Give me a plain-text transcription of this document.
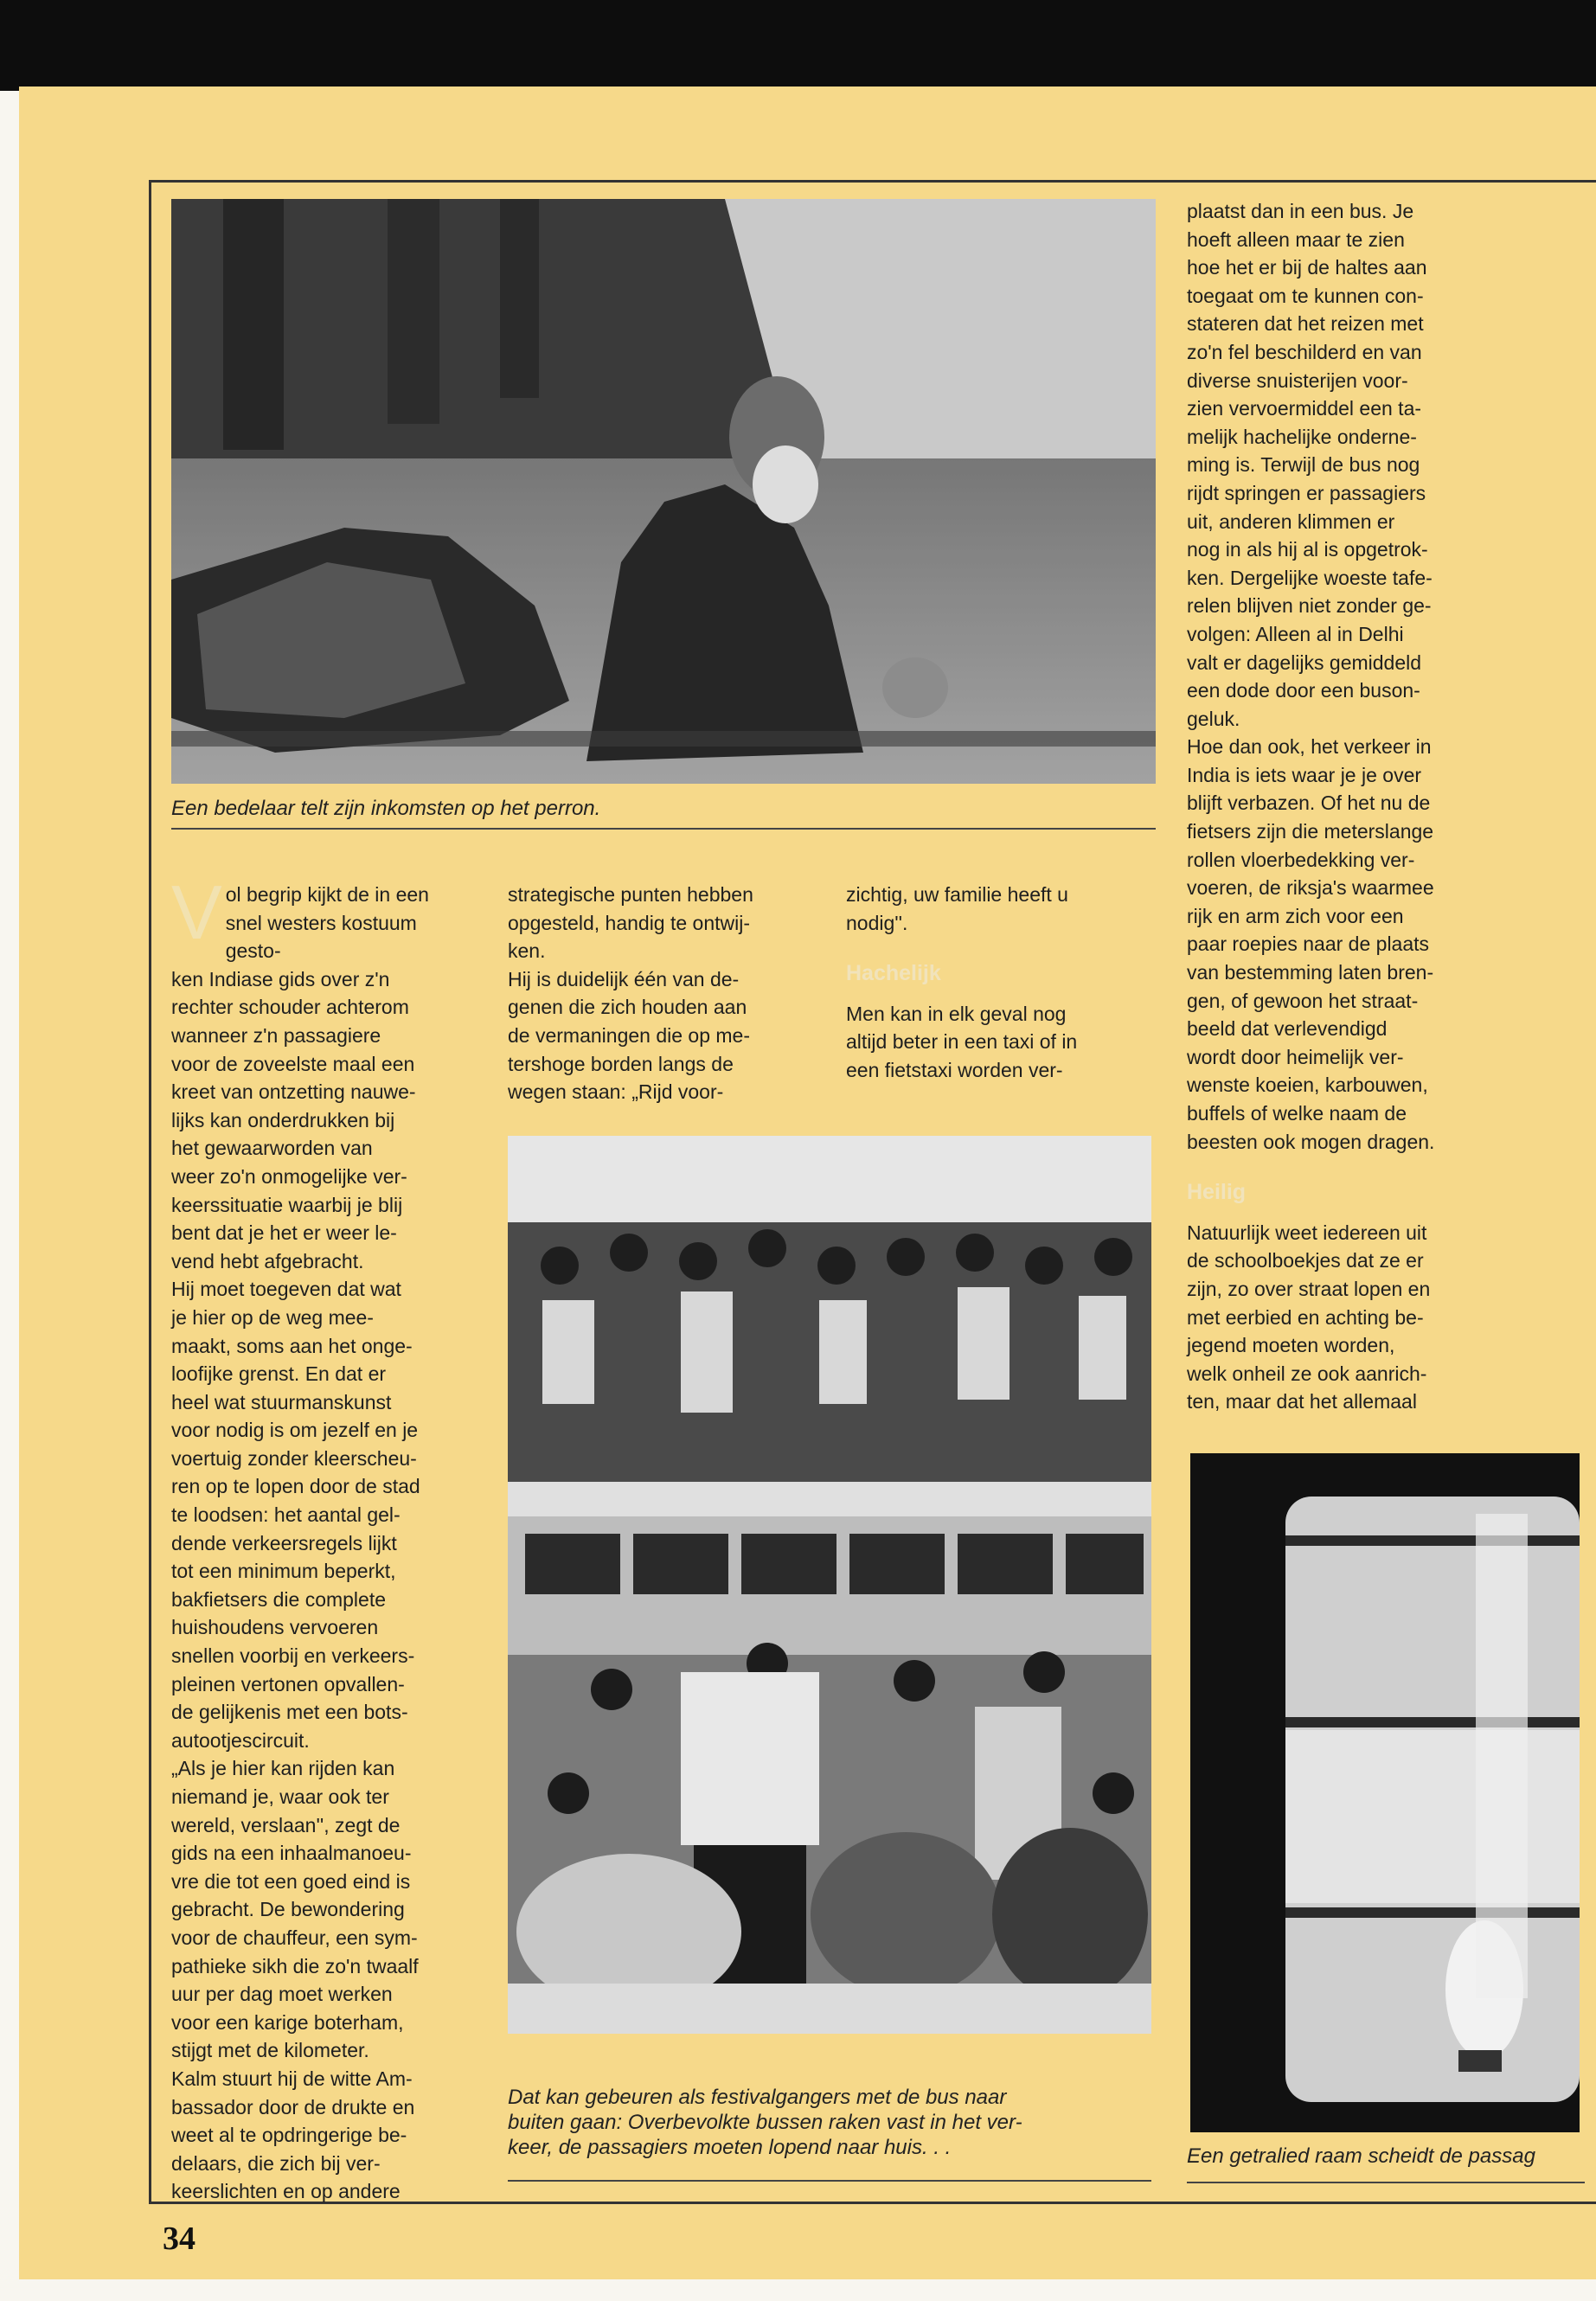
Een bedelaar telt zijn inkomsten op het perron.

V ol begrip kijkt de in een
snel westers kostuum gesto-
ken Indiase gids over z'n
rechter schouder achterom
wanneer z'n passagiere
voor de zoveelste maal een
kreet van ontzetting nauwe-
lijks kan onderdrukken bij
het gewaarworden van
weer zo'n onmogelijke ver-
keerssituatie waarbij je blij
bent dat je het er weer le-
vend hebt afgebracht.
Hij moet toegeven dat wat
je hier op de weg mee-
maakt, soms aan het onge-
loofijke grenst. En dat er
heel wat stuurmanskunst
voor nodig is om jezelf en je
voertuig zonder kleerscheu-
ren op te lopen door de stad
te loodsen: het aantal gel-
dende verkeersregels lijkt
tot een minimum beperkt,
bakfietsers die complete
huishoudens vervoeren
snellen voorbij en verkeers-
pleinen vertonen opvallen-
de gelijkenis met een bots-
autootjescircuit.
„Als je hier kan rijden kan
niemand je, waar ook ter
wereld, verslaan'', zegt de
gids na een inhaalmanoeu-
vre die tot een goed eind is
gebracht. De bewondering
voor de chauffeur, een sym-
pathieke sikh die zo'n twaalf
uur per dag moet werken
voor een karige boterham,
stijgt met de kilometer.
Kalm stuurt hij de witte Am-
bassador door de drukte en
weet al te opdringerige be-
delaars, die zich bij ver-
keerslichten en op andere

strategische punten hebben
opgesteld, handig te ontwij-
ken.
Hij is duidelijk één van de-
genen die zich houden aan
de vermaningen die op me-
tershoge borden langs de
wegen staan: „Rijd voor-

zichtig, uw familie heeft u
nodig''.

Hachelijk

Men kan in elk geval nog
altijd beter in een taxi of in
een fietstaxi worden ver-

Dat kan gebeuren als festivalgangers met de bus naar
buiten gaan: Overbevolkte bussen raken vast in het ver-
keer, de passagiers moeten lopend naar huis. . .

plaatst dan in een bus. Je
hoeft alleen maar te zien
hoe het er bij de haltes aan
toegaat om te kunnen con-
stateren dat het reizen met
zo'n fel beschilderd en van
diverse snuisterijen voor-
zien vervoermiddel een ta-
melijk hachelijke onderne-
ming is. Terwijl de bus nog
rijdt springen er passagiers
uit, anderen klimmen er
nog in als hij al is opgetrok-
ken. Dergelijke woeste tafe-
relen blijven niet zonder ge-
volgen: Alleen al in Delhi
valt er dagelijks gemiddeld
een dode door een buson-
geluk.
Hoe dan ook, het verkeer in
India is iets waar je je over
blijft verbazen. Of het nu de
fietsers zijn die meterslange
rollen vloerbedekking ver-
voeren, de riksja's waarmee
rijk en arm zich voor een
paar roepies naar de plaats
van bestemming laten bren-
gen, of gewoon het straat-
beeld dat verlevendigd
wordt door heimelijk ver-
wenste koeien, karbouwen,
buffels of welke naam de
beesten ook mogen dragen.

Heilig

Natuurlijk weet iedereen uit
de schoolboekjes dat ze er
zijn, zo over straat lopen en
met eerbied en achting be-
jegend moeten worden,
welk onheil ze ook aanrich-
ten, maar dat het allemaal

Een getralied raam scheidt de passag

34
